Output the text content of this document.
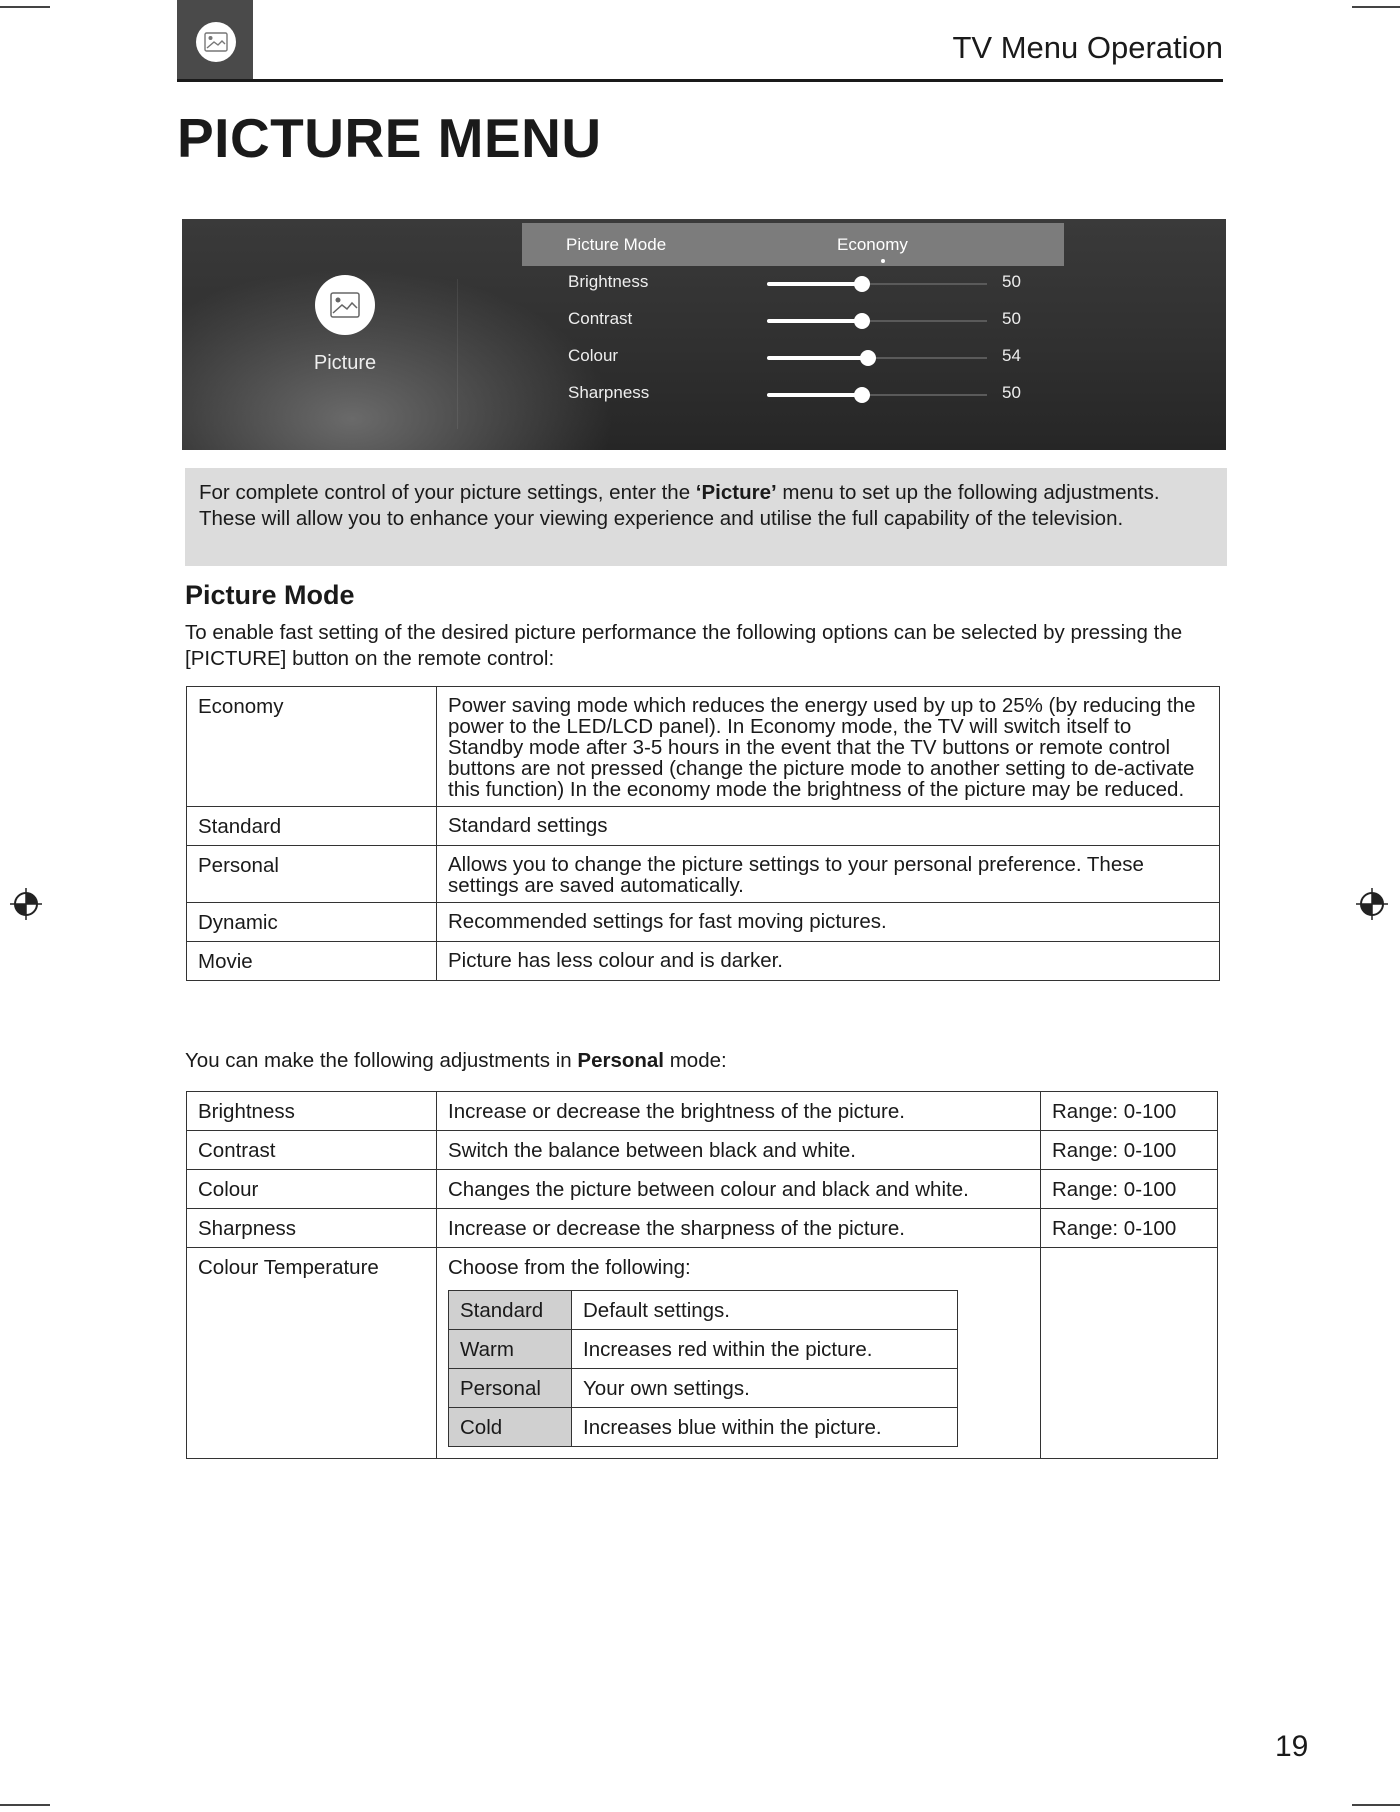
TV Menu Operation
PICTURE MENU
Picture
Picture Mode	Economy
Brightness	50
Contrast	50
Colour	54
Sharpness	50

For complete control of your picture settings, enter the ‘Picture’ menu to set up the following adjustments. These will allow you to enhance your viewing experience and utilise the full capability of the television.

Picture Mode

To enable fast setting of the desired picture performance the following options can be selected by pressing the [PICTURE] button on the remote control:

Economy	Power saving mode which reduces the energy used by up to 25% (by reducing the power to the LED/LCD panel). In Economy mode, the TV will switch itself to Standby mode after 3-5 hours in the event that the TV buttons or remote control buttons are not pressed (change the picture mode to another setting to de-activate this function) In the economy mode the brightness of the picture may be reduced.
Standard	Standard settings
Personal	Allows you to change the picture settings to your personal preference. These settings are saved automatically.
Dynamic	Recommended settings for fast moving pictures.
Movie	Picture has less colour and is darker.

You can make the following adjustments in Personal mode:

Brightness	Increase or decrease the brightness of the picture.	Range: 0-100
Contrast	Switch the balance between black and white.	Range: 0-100
Colour	Changes the picture between colour and black and white.	Range: 0-100
Sharpness	Increase or decrease the sharpness of the picture.	Range: 0-100
Colour Temperature	Choose from the following:
Standard	Default settings.
Warm	Increases red within the picture.
Personal	Your own settings.
Cold	Increases blue within the picture.

19
